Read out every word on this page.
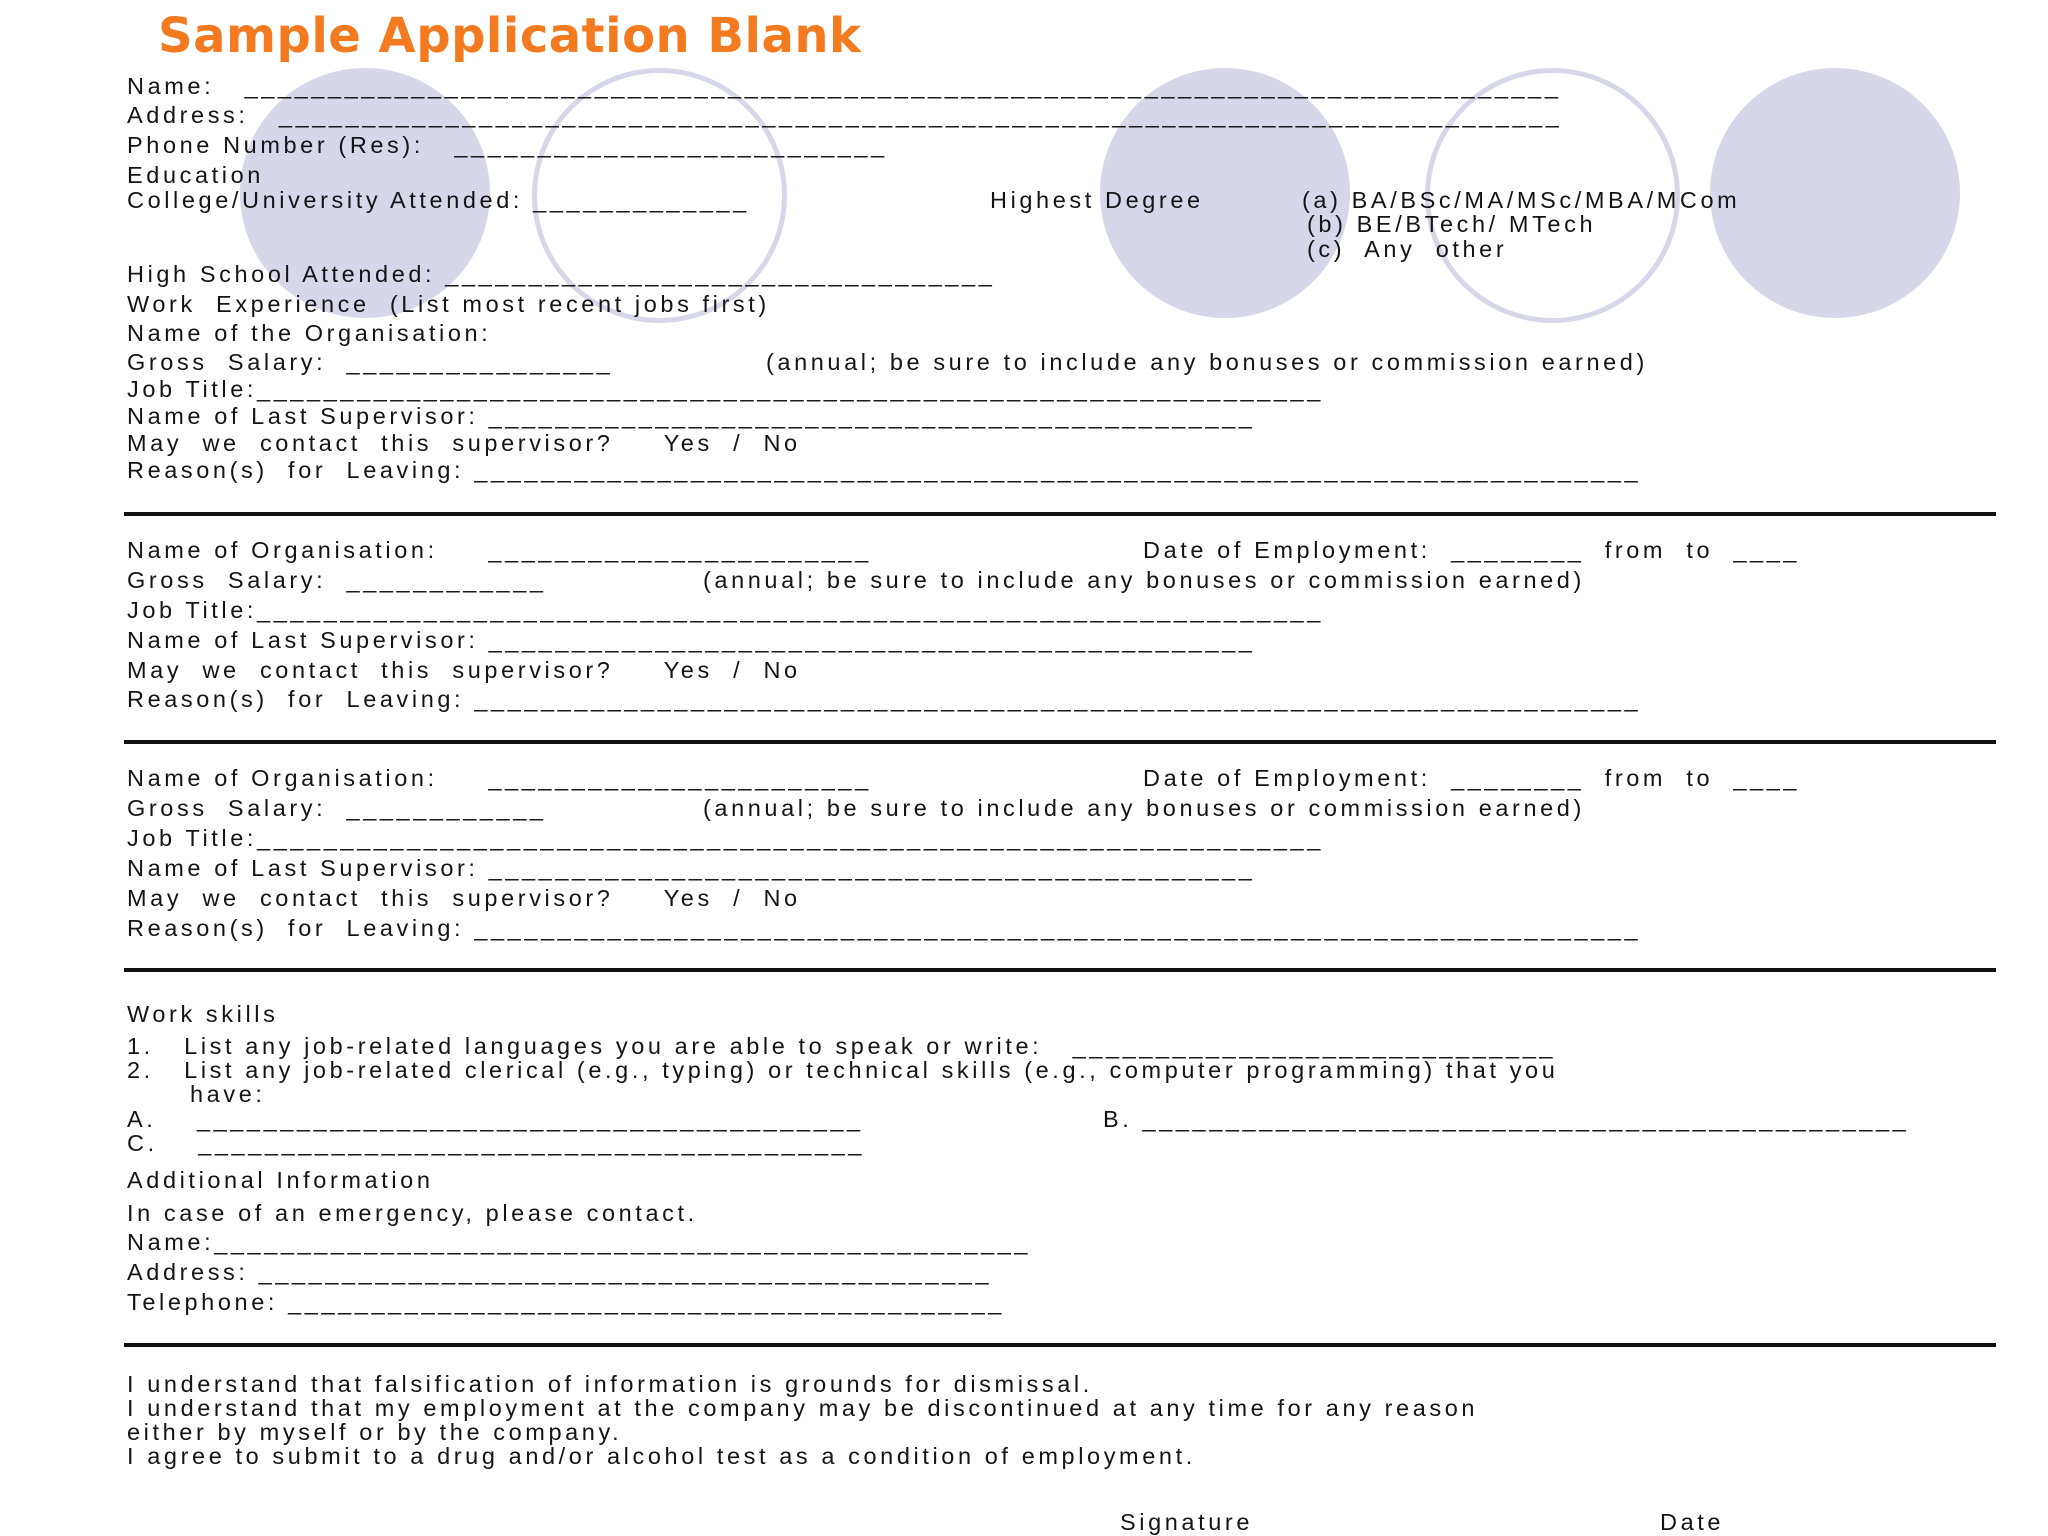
Sample Application Blank
Name:   _______________________________________________________________________________
Address:   _____________________________________________________________________________
Phone Number (Res):   __________________________
Education
College/University Attended: _____________	Highest Degree	(a) BA/BSc/MA/MSc/MBA/MCom
(b) BE/BTech/ MTech
(c)  Any  other
High School Attended: _________________________________
Work  Experience  (List most recent jobs first)
Name of the Organisation:
Gross  Salary:  ________________	(annual; be sure to include any bonuses or commission earned)
Job Title:________________________________________________________________
Name of Last Supervisor: ______________________________________________
May  we  contact  this  supervisor?     Yes  /  No
Reason(s)  for  Leaving: ______________________________________________________________________
Name of Organisation:     _______________________	Date of Employment:  ________  from  to  ____
Gross  Salary:  ____________	(annual; be sure to include any bonuses or commission earned)
Job Title:________________________________________________________________
Name of Last Supervisor: ______________________________________________
May  we  contact  this  supervisor?     Yes  /  No
Reason(s)  for  Leaving: ______________________________________________________________________
Name of Organisation:     _______________________	Date of Employment:  ________  from  to  ____
Gross  Salary:  ____________	(annual; be sure to include any bonuses or commission earned)
Job Title:________________________________________________________________
Name of Last Supervisor: ______________________________________________
May  we  contact  this  supervisor?     Yes  /  No
Reason(s)  for  Leaving: ______________________________________________________________________
Work skills
1.   List any job-related languages you are able to speak or write:   _____________________________
2.   List any job-related clerical (e.g., typing) or technical skills (e.g., computer programming) that you
have:
A.    ________________________________________	B. ______________________________________________
C.    ________________________________________
Additional Information
In case of an emergency, please contact.
Name:_________________________________________________
Address: ____________________________________________
Telephone: ___________________________________________
I understand that falsification of information is grounds for dismissal.
I understand that my employment at the company may be discontinued at any time for any reason
either by myself or by the company.
I agree to submit to a drug and/or alcohol test as a condition of employment.
Signature	Date
